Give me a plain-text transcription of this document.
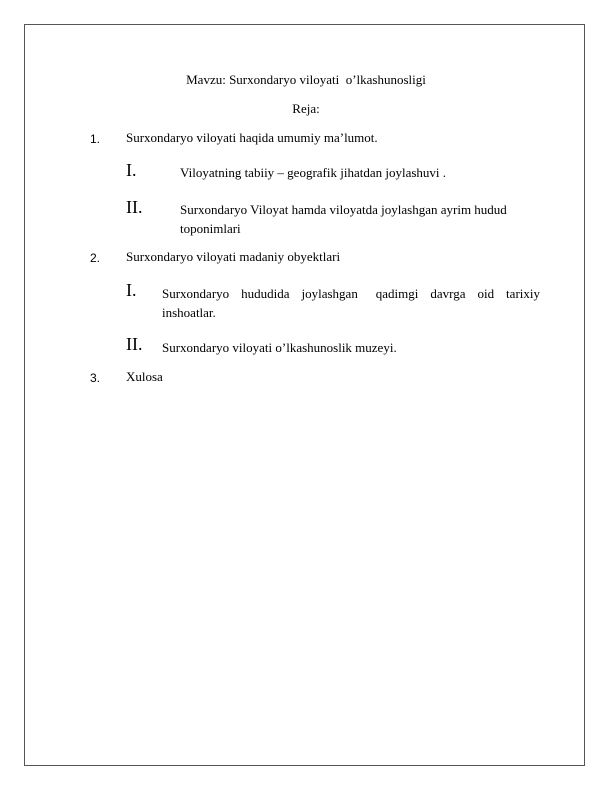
Mavzu: Surxondaryo viloyati  o’lkashunosligi
Reja:
1. Surxondaryo viloyati haqida umumiy ma’lumot.
I.	Viloyatning tabiiy – geografik jihatdan joylashuvi .
II.	Surxondaryo Viloyat hamda viloyatda joylashgan ayrim hudud
toponimlari
2. Surxondaryo viloyati madaniy obyektlari
I. Surxondaryo  hududida  joylashgan   qadimgi  davrga  oid  tarixiy
inshoatlar.
II. Surxondaryo viloyati o’lkashunoslik muzeyi.
3. Xulosa
